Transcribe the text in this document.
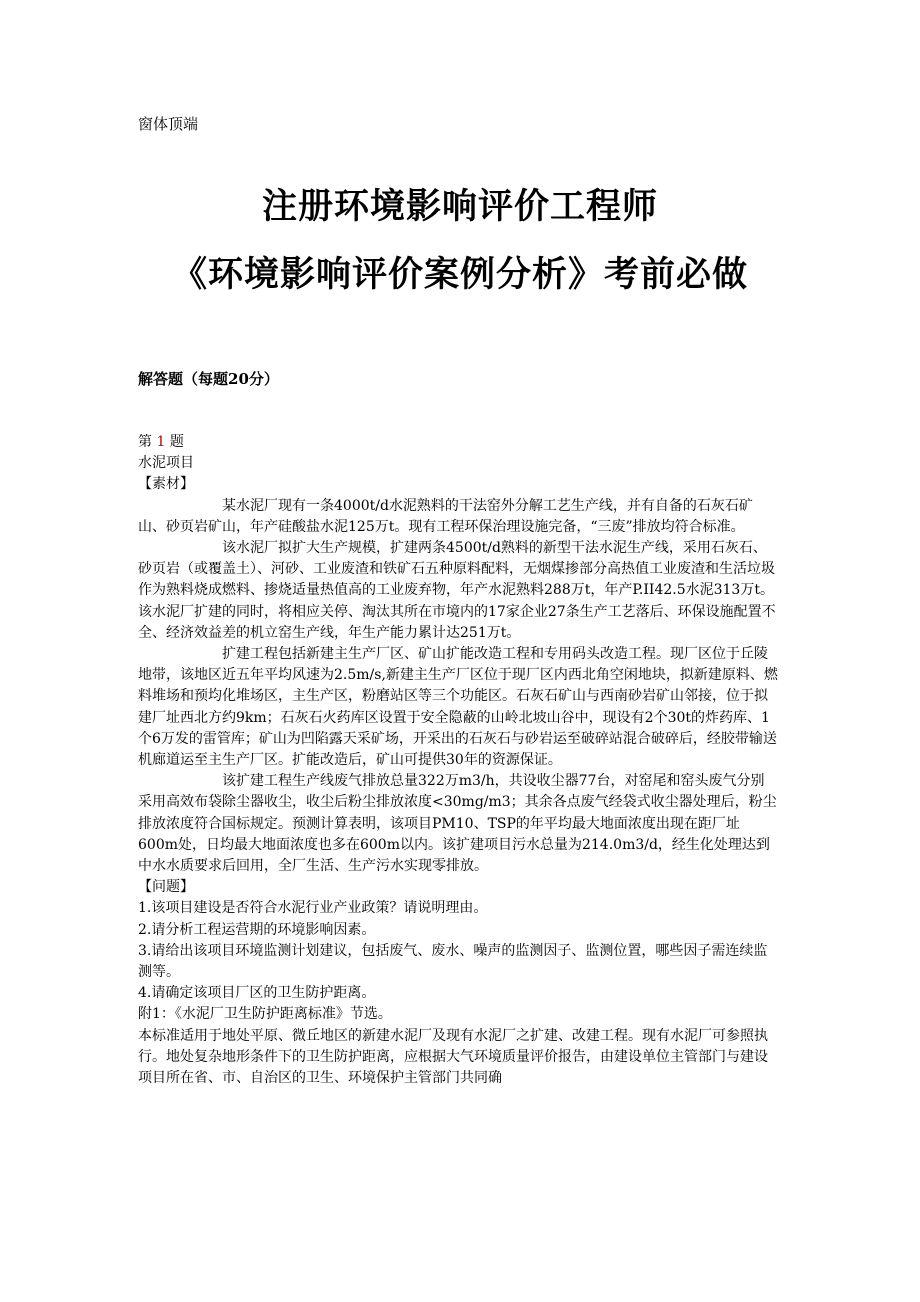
窗体顶端
注册环境影响评价工程师
《环境影响评价案例分析》考前必做
解答题（每题20分）

第 1 题

水泥项目

【素材】

某水泥厂现有一条4000t/d水泥熟料的干法窑外分解工艺生产线，并有自备的石灰石矿山、砂页岩矿山，年产硅酸盐水泥125万t。现有工程环保治理设施完备，“三废”排放均符合标准。

该水泥厂拟扩大生产规模，扩建两条4500t/d熟料的新型干法水泥生产线，采用石灰石、砂页岩（或覆盖土）、河砂、工业废渣和铁矿石五种原料配料，无烟煤掺部分高热值工业废渣和生活垃圾作为熟料烧成燃料、掺烧适量热值高的工业废弃物，年产水泥熟料288万t，年产P.II42.5水泥313万t。该水泥厂扩建的同时，将相应关停、淘汰其所在市境内的17家企业27条生产工艺落后、环保设施配置不全、经济效益差的机立窑生产线，年生产能力累计达251万t。

扩建工程包括新建主生产厂区、矿山扩能改造工程和专用码头改造工程。现厂区位于丘陵地带，该地区近五年平均风速为2.5m/s,新建主生产厂区位于现厂区内西北角空闲地块，拟新建原料、燃料堆场和预均化堆场区，主生产区，粉磨站区等三个功能区。石灰石矿山与西南砂岩矿山邻接，位于拟建厂址西北方约9km；石灰石火药库区设置于安全隐蔽的山岭北坡山谷中，现设有2个30t的炸药库、1个6万发的雷管库；矿山为凹陷露天采矿场，开采出的石灰石与砂岩运至破碎站混合破碎后，经胶带输送机廊道运至主生产厂区。扩能改造后，矿山可提供30年的资源保证。

该扩建工程生产线废气排放总量322万m3/h，共设收尘器77台，对窑尾和窑头废气分别采用高效布袋除尘器收尘，收尘后粉尘排放浓度<30mg/m3；其余各点废气经袋式收尘器处理后，粉尘排放浓度符合国标规定。预测计算表明，该项目PM10、TSP的年平均最大地面浓度出现在距厂址600m处，日均最大地面浓度也多在600m以内。该扩建项目污水总量为214.0m3/d，经生化处理达到中水水质要求后回用，全厂生活、生产污水实现零排放。

【问题】

1.该项目建设是否符合水泥行业产业政策？请说明理由。

2.请分析工程运营期的环境影响因素。

3.请给出该项目环境监测计划建议，包括废气、废水、噪声的监测因子、监测位置，哪些因子需连续监测等。

4.请确定该项目厂区的卫生防护距离。

附1：《水泥厂卫生防护距离标准》节选。

本标准适用于地处平原、微丘地区的新建水泥厂及现有水泥厂之扩建、改建工程。现有水泥厂可参照执行。地处复杂地形条件下的卫生防护距离，应根据大气环境质量评价报告，由建设单位主管部门与建设项目所在省、市、自治区的卫生、环境保护主管部门共同确
